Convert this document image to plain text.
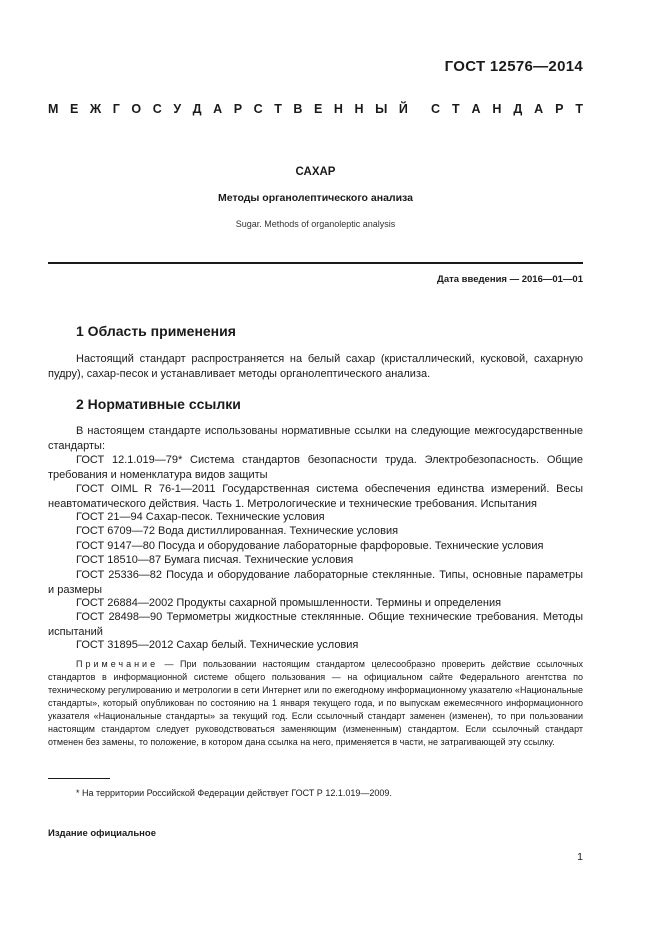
ГОСТ 12576—2014
М Е Ж Г О С У Д А Р С Т В Е Н Н Ы Й С Т А Н Д А Р Т
САХАР
Методы органолептического анализа
Sugar. Methods of organoleptic analysis
Дата введения — 2016—01—01
1 Область применения
Настоящий стандарт распространяется на белый сахар (кристаллический, кусковой, сахарную пудру), сахар-песок и устанавливает методы органолептического анализа.
2 Нормативные ссылки
В настоящем стандарте использованы нормативные ссылки на следующие межгосударственные стандарты:
ГОСТ 12.1.019—79* Система стандартов безопасности труда. Электробезопасность. Общие требования и номенклатура видов защиты
ГОСТ OIML R 76-1—2011 Государственная система обеспечения единства измерений. Весы неавтоматического действия. Часть 1. Метрологические и технические требования. Испытания
ГОСТ 21—94 Сахар-песок. Технические условия
ГОСТ 6709—72 Вода дистиллированная. Технические условия
ГОСТ 9147—80 Посуда и оборудование лабораторные фарфоровые. Технические условия
ГОСТ 18510—87 Бумага писчая. Технические условия
ГОСТ 25336—82 Посуда и оборудование лабораторные стеклянные. Типы, основные параметры и размеры
ГОСТ 26884—2002 Продукты сахарной промышленности. Термины и определения
ГОСТ 28498—90 Термометры жидкостные стеклянные. Общие технические требования. Методы испытаний
ГОСТ 31895—2012 Сахар белый. Технические условия
Примечание — При пользовании настоящим стандартом целесообразно проверить действие ссылочных стандартов в информационной системе общего пользования — на официальном сайте Федерального агентства по техническому регулированию и метрологии в сети Интернет или по ежегодному информационному указателю «Национальные стандарты», который опубликован по состоянию на 1 января текущего года, и по выпускам ежемесячного информационного указателя «Национальные стандарты» за текущий год. Если ссылочный стандарт заменен (изменен), то при пользовании настоящим стандартом следует руководствоваться заменяющим (измененным) стандартом. Если ссылочный стандарт отменен без замены, то положение, в котором дана ссылка на него, применяется в части, не затрагивающей эту ссылку.
* На территории Российской Федерации действует ГОСТ Р 12.1.019—2009.
Издание официальное
1
